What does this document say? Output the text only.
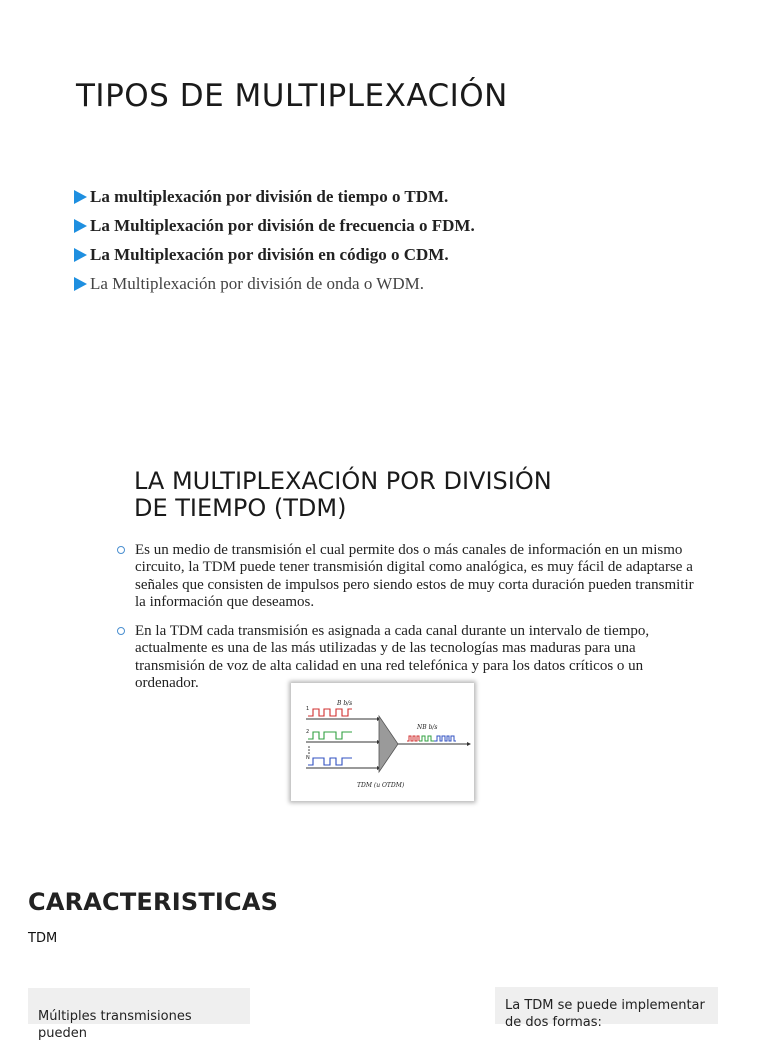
TIPOS DE MULTIPLEXACIÓN
La multiplexación por división de tiempo o TDM.
La Multiplexación por división de frecuencia o FDM.
La Multiplexación por división en código o CDM.
La Multiplexación por división de onda o WDM.
LA MULTIPLEXACIÓN POR DIVISIÓN
DE TIEMPO (TDM)
Es un medio de transmisión el cual permite dos o más canales de información en un mismo circuito, la TDM puede tener transmisión digital como analógica, es muy fácil de adaptarse a señales que consisten de impulsos pero siendo estos de muy corta duración pueden transmitir la información que deseamos.
En la TDM cada transmisión es asignada a cada canal durante un intervalo de tiempo, actualmente es una de las más utilizadas y de las tecnologías mas maduras para una transmisión de voz de alta calidad en una red telefónica y para los datos críticos o un ordenador.
B b/s
1
2
N
NB b/s
TDM (u OTDM)
CARACTERISTICAS
TDM
Múltiples transmisiones pueden
La TDM se puede implementar de dos formas:
